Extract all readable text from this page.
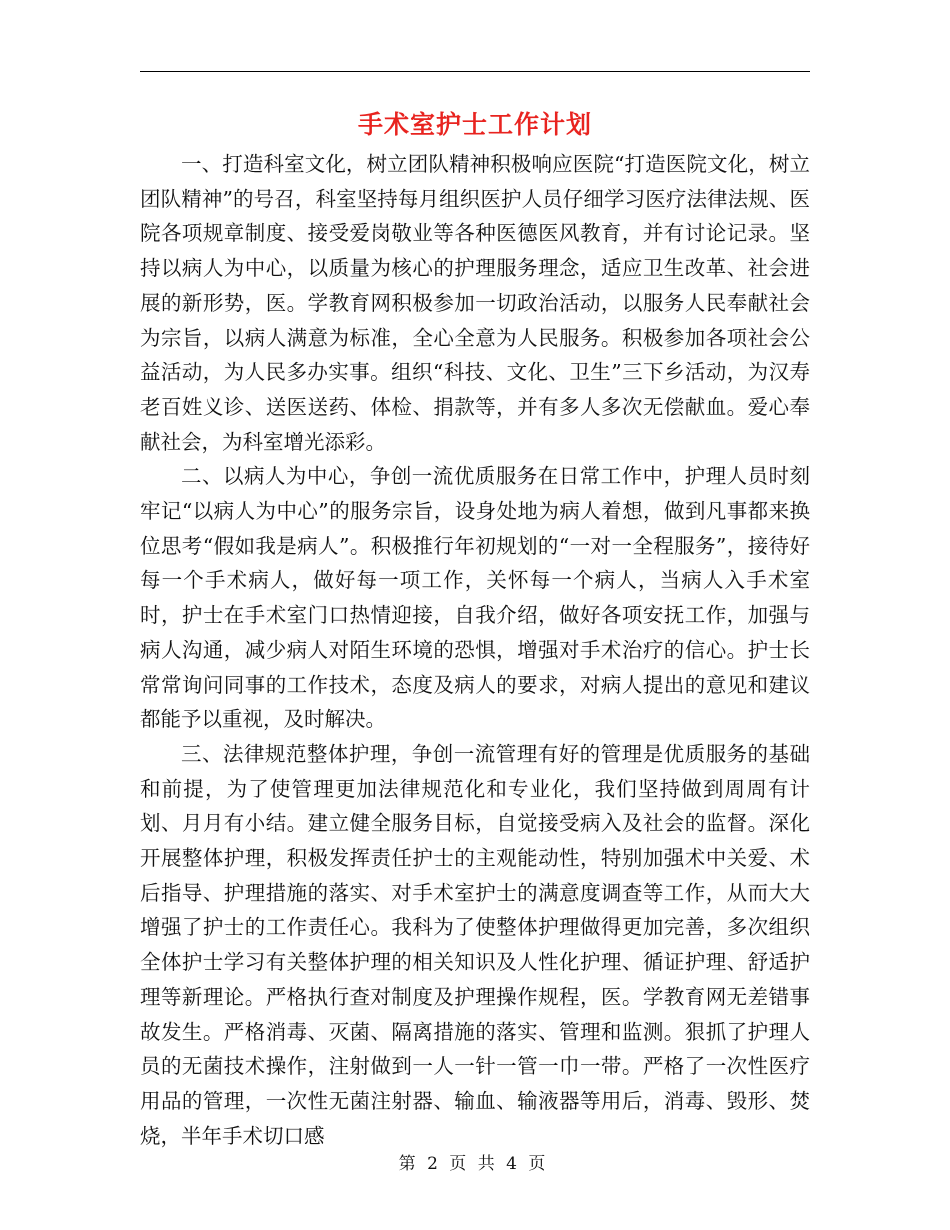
手术室护士工作计划

一、打造科室文化，树立团队精神积极响应医院“打造医院文化，树立团队精神”的号召，科室坚持每月组织医护人员仔细学习医疗法律法规、医院各项规章制度、接受爱岗敬业等各种医德医风教育，并有讨论记录。坚持以病人为中心，以质量为核心的护理服务理念，适应卫生改革、社会进展的新形势，医。学教育网积极参加一切政治活动，以服务人民奉献社会为宗旨，以病人满意为标准，全心全意为人民服务。积极参加各项社会公益活动，为人民多办实事。组织“科技、文化、卫生”三下乡活动，为汉寿老百姓义诊、送医送药、体检、捐款等，并有多人多次无偿献血。爱心奉献社会，为科室增光添彩。

二、以病人为中心，争创一流优质服务在日常工作中，护理人员时刻牢记“以病人为中心”的服务宗旨，设身处地为病人着想，做到凡事都来换位思考“假如我是病人”。积极推行年初规划的“一对一全程服务”，接待好每一个手术病人，做好每一项工作，关怀每一个病人，当病人入手术室时，护士在手术室门口热情迎接，自我介绍，做好各项安抚工作，加强与病人沟通，减少病人对陌生环境的恐惧，增强对手术治疗的信心。护士长常常询问同事的工作技术，态度及病人的要求，对病人提出的意见和建议都能予以重视，及时解决。

三、法律规范整体护理，争创一流管理有好的管理是优质服务的基础和前提，为了使管理更加法律规范化和专业化，我们坚持做到周周有计划、月月有小结。建立健全服务目标，自觉接受病入及社会的监督。深化开展整体护理，积极发挥责任护士的主观能动性，特别加强术中关爱、术后指导、护理措施的落实、对手术室护士的满意度调查等工作，从而大大增强了护士的工作责任心。我科为了使整体护理做得更加完善，多次组织全体护士学习有关整体护理的相关知识及人性化护理、循证护理、舒适护理等新理论。严格执行查对制度及护理操作规程，医。学教育网无差错事故发生。严格消毒、灭菌、隔离措施的落实、管理和监测。狠抓了护理人员的无菌技术操作，注射做到一人一针一管一巾一带。严格了一次性医疗用品的管理，一次性无菌注射器、输血、输液器等用后，消毒、毁形、焚烧，半年手术切口感

第 2 页 共 4 页
